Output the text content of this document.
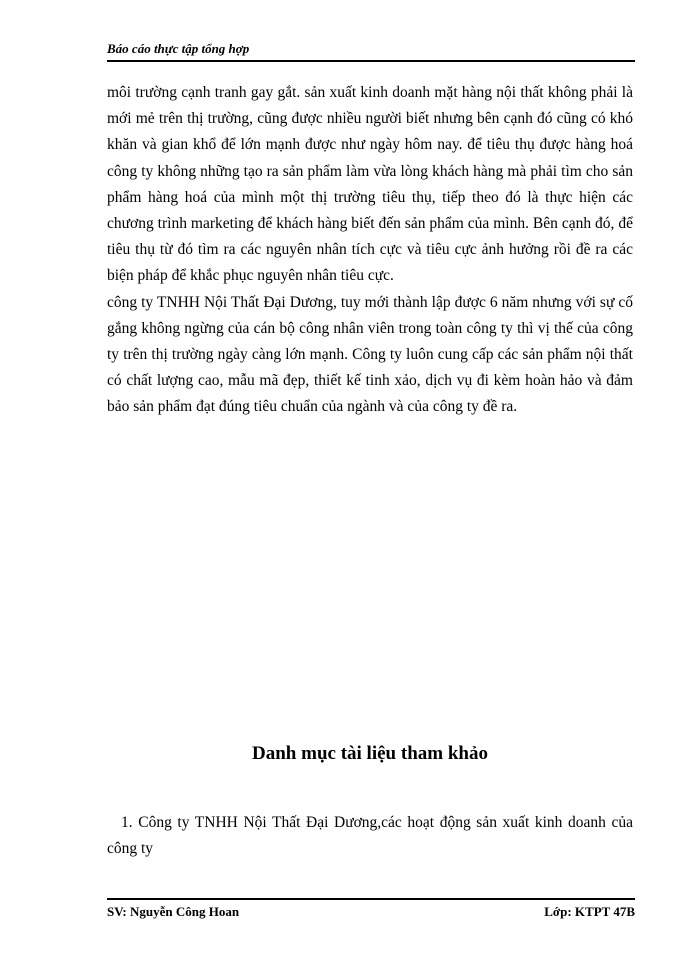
Báo cáo thực tập tổng hợp

môi trường cạnh tranh gay gắt. sản xuất kinh doanh mặt hàng nội thất không phải là mới mẻ trên thị trường, cũng được nhiều người biết nhưng bên cạnh đó cũng có khó khăn và gian khổ để lớn mạnh được như ngày hôm nay. để tiêu thụ được hàng hoá công ty không những tạo ra sản phẩm làm vừa lòng khách hàng mà phải tìm cho sản phẩm hàng hoá của mình một thị trường tiêu thụ, tiếp theo đó là thực hiện các chương trình marketing để khách hàng biết đến sản phẩm của mình. Bên cạnh đó, để tiêu thụ từ đó tìm ra các nguyên nhân tích cực và tiêu cực ảnh hưởng rồi đề ra các biện pháp để khắc phục nguyên nhân tiêu cực.

công ty TNHH Nội Thất Đại Dương, tuy mới thành lập được 6 năm nhưng với sự cố gắng không ngừng của cán bộ công nhân viên trong toàn công ty thì vị thế của công ty trên thị trường ngày càng lớn mạnh. Công ty luôn cung cấp các sản phẩm nội thất có chất lượng cao, mẫu mã đẹp, thiết kế tinh xảo, dịch vụ đi kèm hoàn hảo và đảm bảo sản phẩm đạt đúng tiêu chuẩn của ngành và của công ty đề ra.

Danh mục tài liệu tham khảo

1. Công ty TNHH Nội Thất Đại Dương,các hoạt động sản xuất kinh doanh của công ty

SV: Nguyễn Công Hoan	Lớp: KTPT 47B
